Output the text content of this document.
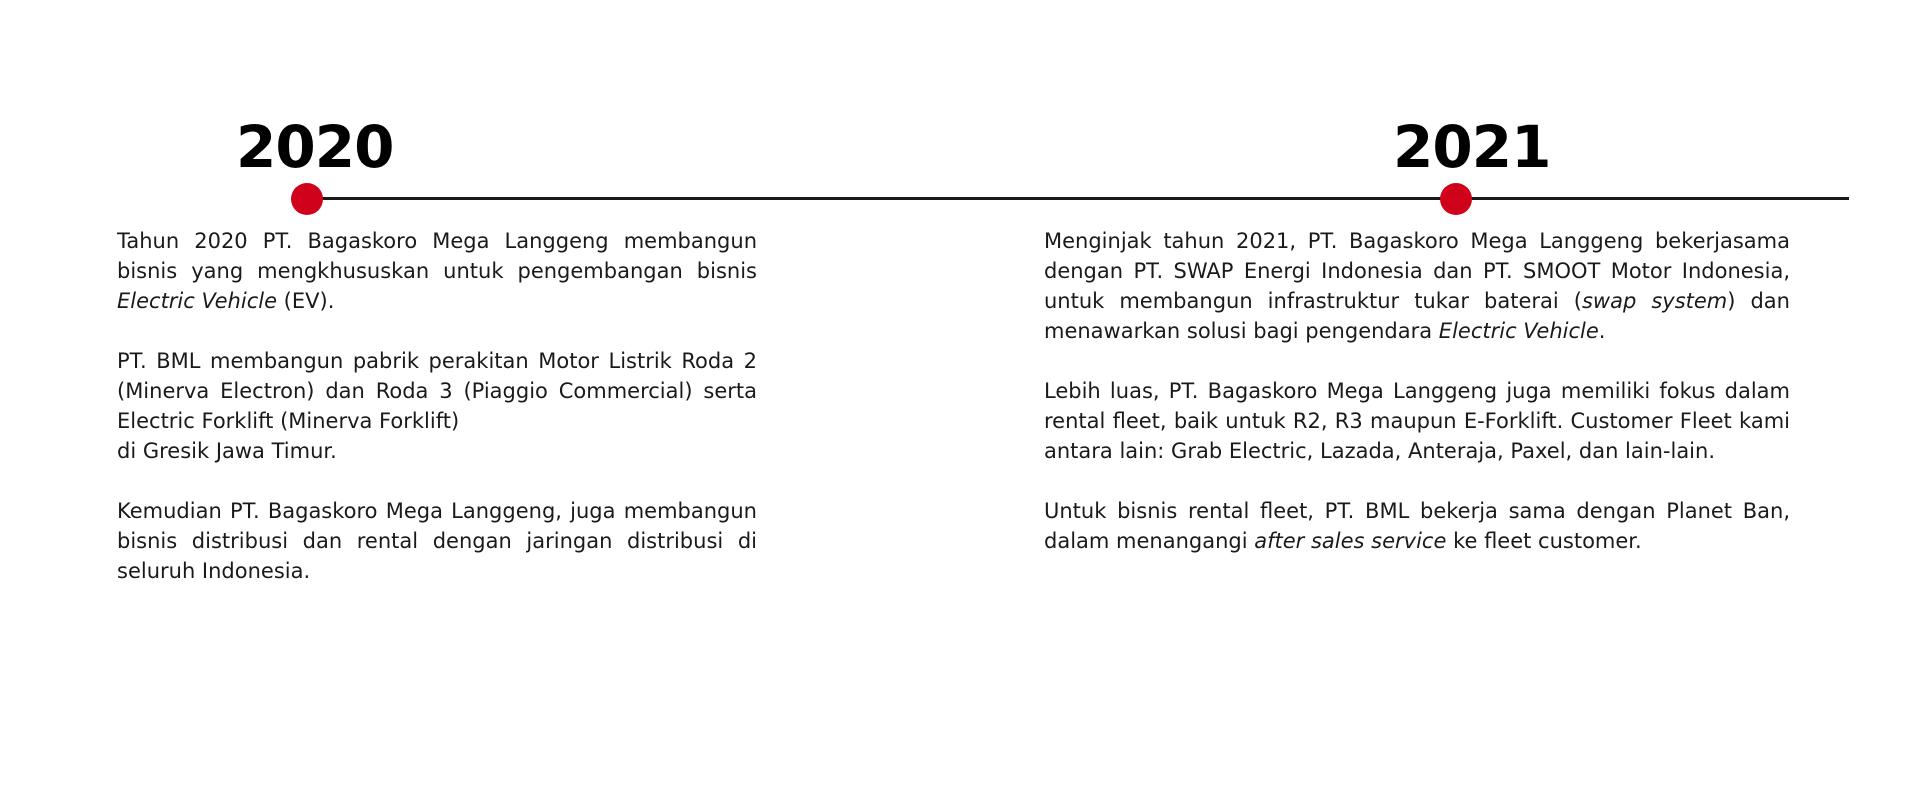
2020	2021

Tahun 2020 PT. Bagaskoro Mega Langgeng membangun bisnis yang mengkhususkan untuk pengembangan bisnis Electric Vehicle (EV).

PT. BML membangun pabrik perakitan Motor Listrik Roda 2 (Minerva Electron) dan Roda 3 (Piaggio Commercial) serta Electric Forklift (Minerva Forklift)
di Gresik Jawa Timur.

Kemudian PT. Bagaskoro Mega Langgeng, juga membangun bisnis distribusi dan rental dengan jaringan distribusi di seluruh Indonesia.

Menginjak tahun 2021, PT. Bagaskoro Mega Langgeng bekerjasama dengan PT. SWAP Energi Indonesia dan PT. SMOOT Motor Indonesia, untuk membangun infrastruktur tukar baterai (swap system) dan menawarkan solusi bagi pengendara Electric Vehicle.

Lebih luas, PT. Bagaskoro Mega Langgeng juga memiliki fokus dalam rental fleet, baik untuk R2, R3 maupun E-Forklift. Customer Fleet kami antara lain: Grab Electric, Lazada, Anteraja, Paxel, dan lain-lain.

Untuk bisnis rental fleet, PT. BML bekerja sama dengan Planet Ban, dalam menangangi after sales service ke fleet customer.
